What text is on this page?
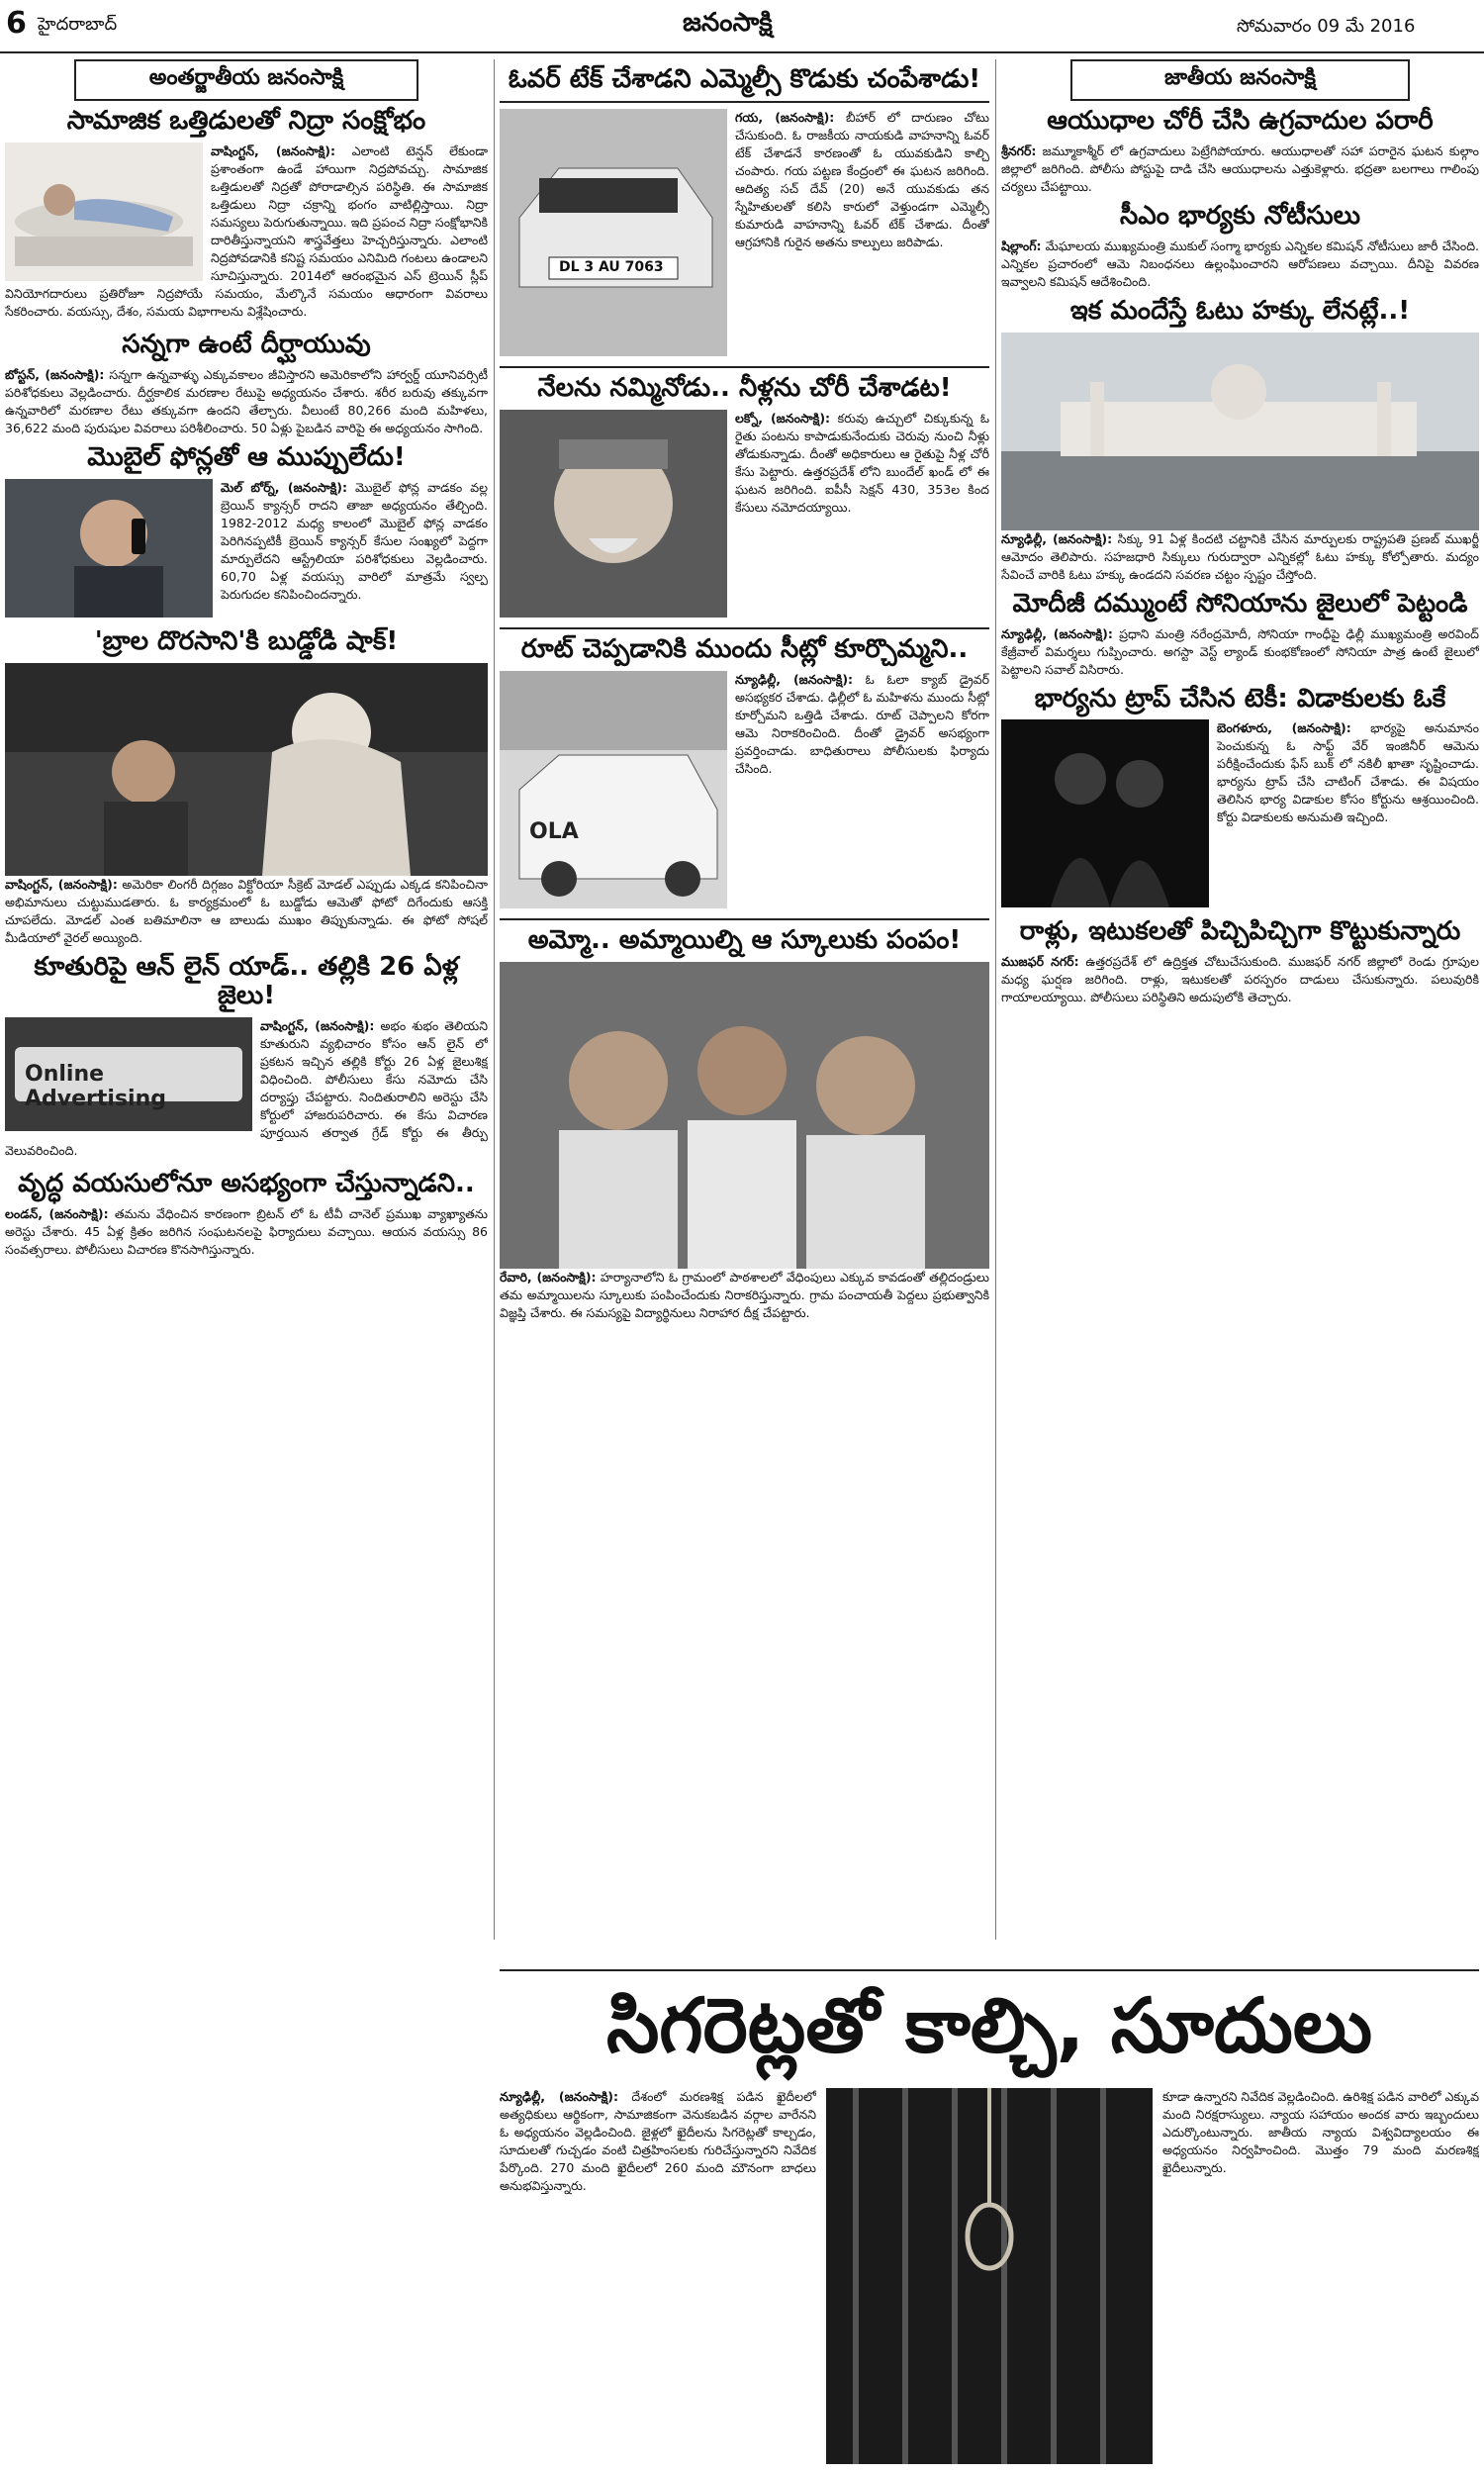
6 హైదరాబాద్	జనంసాక్షి	సోమవారం 09 మే 2016
అంతర్జాతీయ జనంసాక్షి
సామాజిక ఒత్తిడులతో నిద్రా సంక్షోభం

వాషింగ్టన్, (జనంసాక్షి): ఎలాంటి టెన్షన్ లేకుండా ప్రశాంతంగా ఉండే హాయిగా నిద్రపోవచ్చు. సామాజిక ఒత్తిడులతో నిద్రతో పోరాడాల్సిన పరిస్థితి. ఈ సామాజిక ఒత్తిడులు నిద్రా చక్రాన్ని భంగం వాటిల్లిస్తాయి. నిద్రా సమస్యలు పెరుగుతున్నాయి. ఇది ప్రపంచ నిద్రా సంక్షోభానికి దారితీస్తున్నాయని శాస్త్రవేత్తలు హెచ్చరిస్తున్నారు. ఎలాంటి నిద్రపోవడానికి కనిష్ట సమయం ఎనిమిది గంటలు ఉండాలని సూచిస్తున్నారు. 2014లో ఆరంభమైన ఎస్ ట్రెయిన్ స్లీప్ వినియోగదారులు ప్రతిరోజూ నిద్రపోయే సమయం, మేల్కొనే సమయం ఆధారంగా వివరాలు సేకరించారు. వయస్సు, దేశం, సమయ విభాగాలను విశ్లేషించారు.

సన్నగా ఉంటే దీర్ఘాయువు

బోస్టన్, (జనంసాక్షి): సన్నగా ఉన్నవాళ్ళు ఎక్కువకాలం జీవిస్తారని అమెరికాలోని హార్వర్డ్ యూనివర్సిటీ పరిశోధకులు వెల్లడించారు. దీర్ఘకాలిక మరణాల రేటుపై అధ్యయనం చేశారు. శరీర బరువు తక్కువగా ఉన్నవారిలో మరణాల రేటు తక్కువగా ఉందని తేల్చారు. వీలుంటే 80,266 మంది మహిళలు, 36,622 మంది పురుషుల వివరాలు పరిశీలించారు. 50 ఏళ్లు పైబడిన వారిపై ఈ అధ్యయనం సాగింది.

మొబైల్ ఫోన్లతో ఆ ముప్పులేదు!

మెల్ బోర్న్, (జనంసాక్షి): మొబైల్ ఫోన్ల వాడకం వల్ల బ్రెయిన్ క్యాన్సర్ రాదని తాజా అధ్యయనం తేల్చింది. 1982-2012 మధ్య కాలంలో మొబైల్ ఫోన్ల వాడకం పెరిగినప్పటికీ బ్రెయిన్ క్యాన్సర్ కేసుల సంఖ్యలో పెద్దగా మార్పులేదని ఆస్ట్రేలియా పరిశోధకులు వెల్లడించారు. 60,70 ఏళ్ల వయస్సు వారిలో మాత్రమే స్వల్ప పెరుగుదల కనిపించిందన్నారు.

'బ్రాల దొరసాని'కి బుడ్డోడి షాక్!

వాషింగ్టన్, (జనంసాక్షి): అమెరికా లింగరీ దిగ్గజం విక్టోరియా సీక్రెట్ మోడల్ ఎప్పుడు ఎక్కడ కనిపించినా అభిమానులు చుట్టుముడతారు. ఓ కార్యక్రమంలో ఓ బుడ్డోడు ఆమెతో ఫోటో దిగేందుకు ఆసక్తి చూపలేదు. మోడల్ ఎంత బతిమాలినా ఆ బాలుడు ముఖం తిప్పుకున్నాడు. ఈ ఫోటో సోషల్ మీడియాలో వైరల్ అయ్యింది.

కూతురిపై ఆన్ లైన్ యాడ్.. తల్లికి 26 ఏళ్ల జైలు!
Online Advertising

వాషింగ్టన్, (జనంసాక్షి): అభం శుభం తెలియని కూతురుని వ్యభిచారం కోసం ఆన్ లైన్ లో ప్రకటన ఇచ్చిన తల్లికి కోర్టు 26 ఏళ్ల జైలుశిక్ష విధించింది. పోలీసులు కేసు నమోదు చేసి దర్యాప్తు చేపట్టారు. నిందితురాలిని అరెస్టు చేసి కోర్టులో హాజరుపరిచారు. ఈ కేసు విచారణ పూర్తయిన తర్వాత గ్రేడ్ కోర్టు ఈ తీర్పు వెలువరించింది.

వృద్ధ వయసులోనూ అసభ్యంగా చేస్తున్నాడని..

లండన్, (జనంసాక్షి): తమను వేధించిన కారణంగా బ్రిటన్ లో ఓ టీవీ చానెల్ ప్రముఖ వ్యాఖ్యాతను అరెస్టు చేశారు. 45 ఏళ్ల క్రితం జరిగిన సంఘటనలపై ఫిర్యాదులు వచ్చాయి. ఆయన వయస్సు 86 సంవత్సరాలు. పోలీసులు విచారణ కొనసాగిస్తున్నారు.

ఓవర్ టేక్ చేశాడని ఎమ్మెల్సీ కొడుకు చంపేశాడు!
DL 3 AU 7063

గయ, (జనంసాక్షి): బీహార్ లో దారుణం చోటు చేసుకుంది. ఓ రాజకీయ నాయకుడి వాహనాన్ని ఓవర్ టేక్ చేశాడనే కారణంతో ఓ యువకుడిని కాల్చి చంపారు. గయ పట్టణ కేంద్రంలో ఈ ఘటన జరిగింది. ఆదిత్య సచ్ దేవ్ (20) అనే యువకుడు తన స్నేహితులతో కలిసి కారులో వెళ్తుండగా ఎమ్మెల్సీ కుమారుడి వాహనాన్ని ఓవర్ టేక్ చేశాడు. దీంతో ఆగ్రహానికి గురైన అతను కాల్పులు జరిపాడు.

నేలను నమ్మినోడు.. నీళ్లను చోరీ చేశాడట!

లక్నో, (జనంసాక్షి): కరువు ఉచ్చులో చిక్కుకున్న ఓ రైతు పంటను కాపాడుకునేందుకు చెరువు నుంచి నీళ్లు తోడుకున్నాడు. దీంతో అధికారులు ఆ రైతుపై నీళ్ల చోరీ కేసు పెట్టారు. ఉత్తరప్రదేశ్ లోని బుందేల్ ఖండ్ లో ఈ ఘటన జరిగింది. ఐపీసీ సెక్షన్ 430, 353ల కింద కేసులు నమోదయ్యాయి.

రూట్ చెప్పడానికి ముందు సీట్లో కూర్చొమ్మని..
OLA

న్యూఢిల్లీ, (జనంసాక్షి): ఓ ఓలా క్యాబ్ డ్రైవర్ అసభ్యకర చేశాడు. ఢిల్లీలో ఓ మహిళను ముందు సీట్లో కూర్చోమని ఒత్తిడి చేశాడు. రూట్ చెప్పాలని కోరగా ఆమె నిరాకరించింది. దీంతో డ్రైవర్ అసభ్యంగా ప్రవర్తించాడు. బాధితురాలు పోలీసులకు ఫిర్యాదు చేసింది.

అమ్మో.. అమ్మాయిల్ని ఆ స్కూలుకు పంపం!

రేవారి, (జనంసాక్షి): హర్యానాలోని ఓ గ్రామంలో పాఠశాలలో వేధింపులు ఎక్కువ కావడంతో తల్లిదండ్రులు తమ అమ్మాయిలను స్కూలుకు పంపించేందుకు నిరాకరిస్తున్నారు. గ్రామ పంచాయతీ పెద్దలు ప్రభుత్వానికి విజ్ఞప్తి చేశారు. ఈ సమస్యపై విద్యార్థినులు నిరాహార దీక్ష చేపట్టారు.

జాతీయ జనంసాక్షి
ఆయుధాల చోరీ చేసి ఉగ్రవాదుల పరారీ

శ్రీనగర్: జమ్మూకాశ్మీర్ లో ఉగ్రవాదులు పెట్రేగిపోయారు. ఆయుధాలతో సహా పరారైన ఘటన కుల్గాం జిల్లాలో జరిగింది. పోలీసు పోస్టుపై దాడి చేసి ఆయుధాలను ఎత్తుకెళ్లారు. భద్రతా బలగాలు గాలింపు చర్యలు చేపట్టాయి.

సీఎం భార్యకు నోటీసులు

షిల్లాంగ్: మేఘాలయ ముఖ్యమంత్రి ముకుల్ సంగ్మా భార్యకు ఎన్నికల కమిషన్ నోటీసులు జారీ చేసింది. ఎన్నికల ప్రచారంలో ఆమె నిబంధనలు ఉల్లంఘించారని ఆరోపణలు వచ్చాయి. దీనిపై వివరణ ఇవ్వాలని కమిషన్ ఆదేశించింది.

ఇక మందేస్తే ఓటు హక్కు లేనట్లే..!

న్యూఢిల్లీ, (జనంసాక్షి): సిక్కు 91 ఏళ్ల కిందటి చట్టానికి చేసిన మార్పులకు రాష్ట్రపతి ప్రణబ్ ముఖర్జీ ఆమోదం తెలిపారు. సహజధారి సిక్కులు గురుద్వారా ఎన్నికల్లో ఓటు హక్కు కోల్పోతారు. మద్యం సేవించే వారికి ఓటు హక్కు ఉండదని సవరణ చట్టం స్పష్టం చేస్తోంది.

మోదీజీ దమ్ముంటే సోనియాను జైలులో పెట్టండి

న్యూఢిల్లీ, (జనంసాక్షి): ప్రధాని మంత్రి నరేంద్రమోదీ, సోనియా గాంధీపై ఢిల్లీ ముఖ్యమంత్రి అరవింద్ కేజ్రీవాల్ విమర్శలు గుప్పించారు. అగస్టా వెస్ట్ ల్యాండ్ కుంభకోణంలో సోనియా పాత్ర ఉంటే జైలులో పెట్టాలని సవాల్ విసిరారు.

భార్యను ట్రాప్ చేసిన టెకీ: విడాకులకు ఓకే

బెంగళూరు, (జనంసాక్షి): భార్యపై అనుమానం పెంచుకున్న ఓ సాఫ్ట్ వేర్ ఇంజినీర్ ఆమెను పరీక్షించేందుకు ఫేస్ బుక్ లో నకిలీ ఖాతా సృష్టించాడు. భార్యను ట్రాప్ చేసి చాటింగ్ చేశాడు. ఈ విషయం తెలిసిన భార్య విడాకుల కోసం కోర్టును ఆశ్రయించింది. కోర్టు విడాకులకు అనుమతి ఇచ్చింది.

రాళ్లు, ఇటుకలతో పిచ్చిపిచ్చిగా కొట్టుకున్నారు

ముజఫర్ నగర్: ఉత్తరప్రదేశ్ లో ఉద్రిక్తత చోటుచేసుకుంది. ముజఫర్ నగర్ జిల్లాలో రెండు గ్రూపుల మధ్య ఘర్షణ జరిగింది. రాళ్లు, ఇటుకలతో పరస్పరం దాడులు చేసుకున్నారు. పలువురికి గాయాలయ్యాయి. పోలీసులు పరిస్థితిని అదుపులోకి తెచ్చారు.

సిగరెట్లతో కాల్చి, సూదులు

న్యూఢిల్లీ, (జనంసాక్షి): దేశంలో మరణశిక్ష పడిన ఖైదీలలో అత్యధికులు ఆర్థికంగా, సామాజికంగా వెనుకబడిన వర్గాల వారేనని ఓ అధ్యయనం వెల్లడించింది. జైళ్లలో ఖైదీలను సిగరెట్లతో కాల్చడం, సూదులతో గుచ్చడం వంటి చిత్రహింసలకు గురిచేస్తున్నారని నివేదిక పేర్కొంది. 270 మంది ఖైదీలలో 260 మంది మౌనంగా బాధలు అనుభవిస్తున్నారు.

కూడా ఉన్నారని నివేదిక వెల్లడించింది. ఉరిశిక్ష పడిన వారిలో ఎక్కువ మంది నిరక్షరాస్యులు. న్యాయ సహాయం అందక వారు ఇబ్బందులు ఎదుర్కొంటున్నారు. జాతీయ న్యాయ విశ్వవిద్యాలయం ఈ అధ్యయనం నిర్వహించింది. మొత్తం 79 మంది మరణశిక్ష ఖైదీలున్నారు.
